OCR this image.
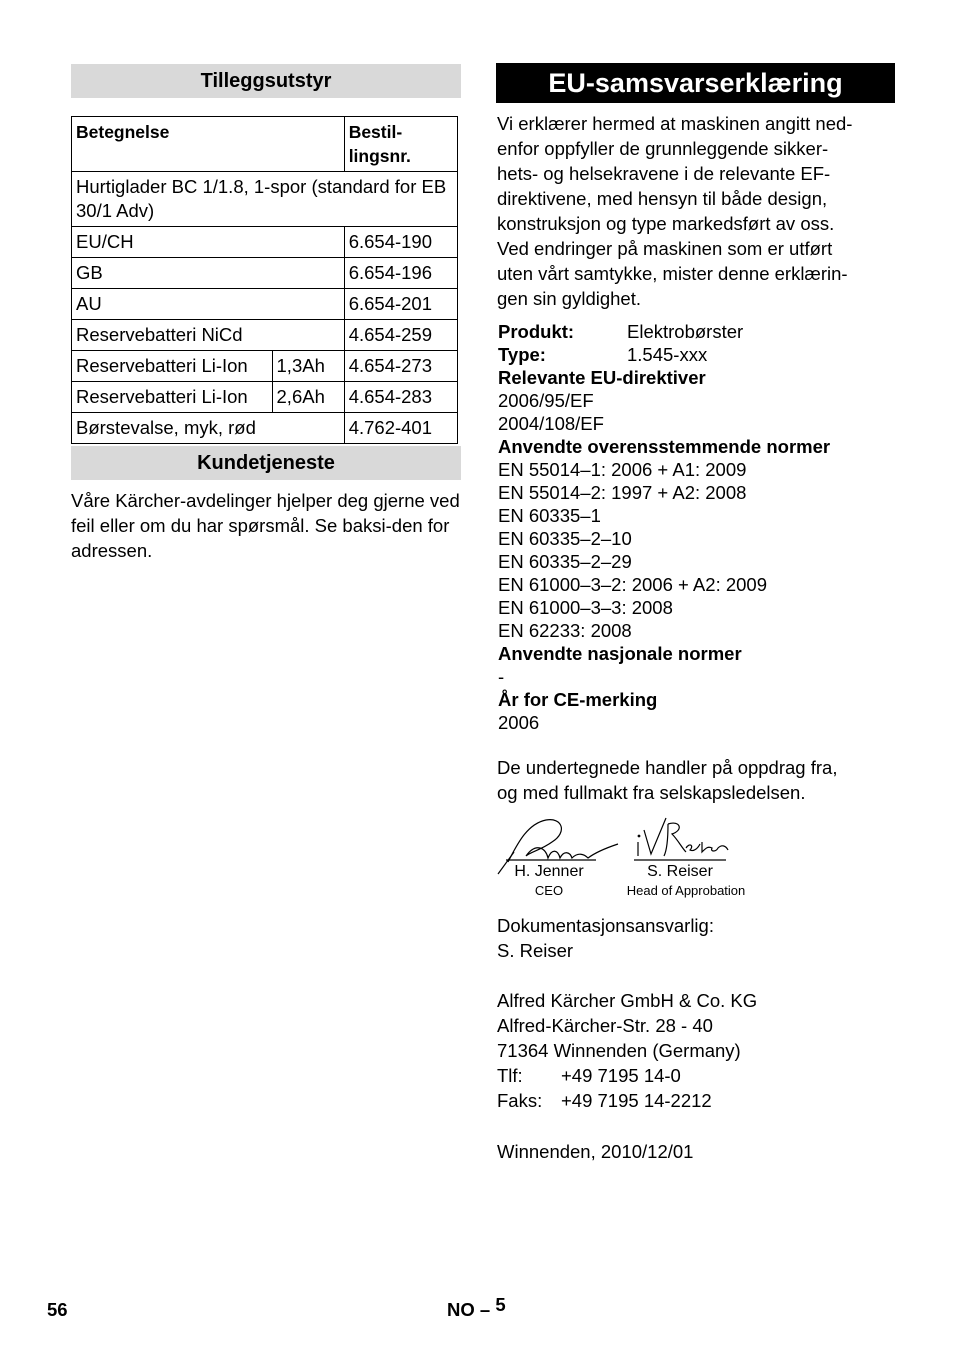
Tilleggsutstyr
Betegnelse		Bestil-
lingsnr.
Hurtiglader BC 1/1.8, 1-spor (standard for EB 30/1 Adv)		
EU/CH		6.654-190
GB		6.654-196
AU		6.654-201
Reservebatteri NiCd		4.654-259
Reservebatteri Li-Ion	1,3Ah	4.654-273
Reservebatteri Li-Ion	2,6Ah	4.654-283
Børstevalse, myk, rød		4.762-401
Kundetjeneste
Våre Kärcher-avdelinger hjelper deg gjerne ved feil eller om du har spørsmål. Se baksi-den for adressen.
EU-samsvarserklæring
Vi erklærer hermed at maskinen angitt ned-
enfor oppfyller de grunnleggende sikker-
hets- og helsekravene i de relevante EF-
direktivene, med hensyn til både design,
konstruksjon og type markedsført av oss.
Ved endringer på maskinen som er utført
uten vårt samtykke, mister denne erklærin-
gen sin gyldighet.
Produkt:	Elektrobørster
Type:	1.545-xxx
Relevante EU-direktiver
2006/95/EF
2004/108/EF
Anvendte overensstemmende normer
EN 55014–1: 2006 + A1: 2009
EN 55014–2: 1997 + A2: 2008
EN 60335–1
EN 60335–2–10
EN 60335–2–29
EN 61000–3–2: 2006 + A2: 2009
EN 61000–3–3: 2008
EN 62233: 2008
Anvendte nasjonale normer
-
År for CE-merking
2006
De undertegnede handler på oppdrag fra,
og med fullmakt fra selskapsledelsen.
H. Jenner
CEO
S. Reiser
Head of Approbation
Dokumentasjonsansvarlig:
S. Reiser
Alfred Kärcher GmbH & Co. KG
Alfred-Kärcher-Str. 28 - 40
71364 Winnenden (Germany)
Tlf:	+49 7195 14-0
Faks:	+49 7195 14-2212
Winnenden, 2010/12/01
56	NO – 5
